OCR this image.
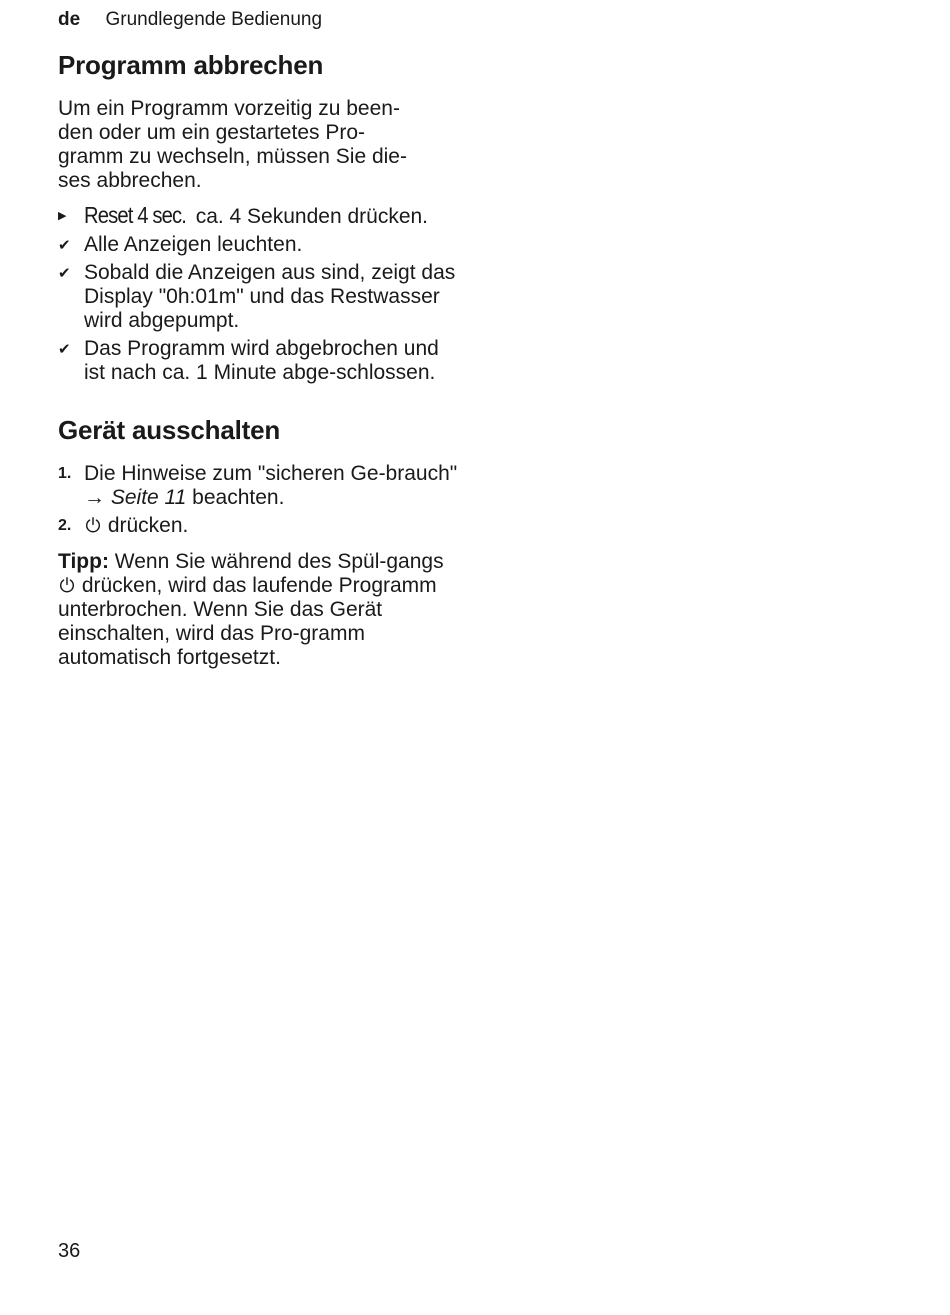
de Grundlegende Bedienung
Programm abbrechen

Um ein Programm vorzeitig zu been-
den oder um ein gestartetes Pro-
gramm zu wechseln, müssen Sie die-
ses abbrechen.

▶ Reset 4 sec. ca. 4 Sekunden drücken.
✔ Alle Anzeigen leuchten.
✔ Sobald die Anzeigen aus sind, zeigt das Display "0h:01m" und das Restwasser wird abgepumpt.
✔ Das Programm wird abgebrochen und ist nach ca. 1 Minute abge-schlossen.
Gerät ausschalten
1. Die Hinweise zum "sicheren Ge-brauch" → Seite 11 beachten.
2.	drücken.

Tipp: Wenn Sie während des Spül-gangs  drücken, wird das laufende Programm unterbrochen. Wenn Sie das Gerät einschalten, wird das Pro-gramm automatisch fortgesetzt.

36
